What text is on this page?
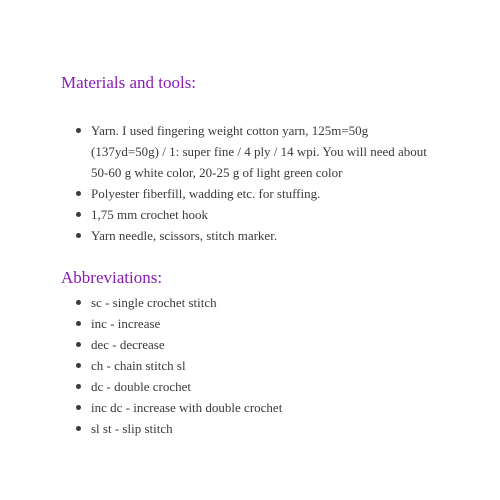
Materials and tools:
Yarn. I used fingering weight cotton yarn, 125m=50g (137yd=50g) / 1: super fine / 4 ply / 14 wpi. You will need about 50-60 g white color, 20-25 g of light green color
Polyester fiberfill, wadding etc. for stuffing.
1,75 mm crochet hook
Yarn needle, scissors, stitch marker.
Abbreviations:
sc - single crochet stitch
inc - increase
dec - decrease
ch - chain stitch sl
dc - double crochet
inc dc - increase with double crochet
sl st - slip stitch
